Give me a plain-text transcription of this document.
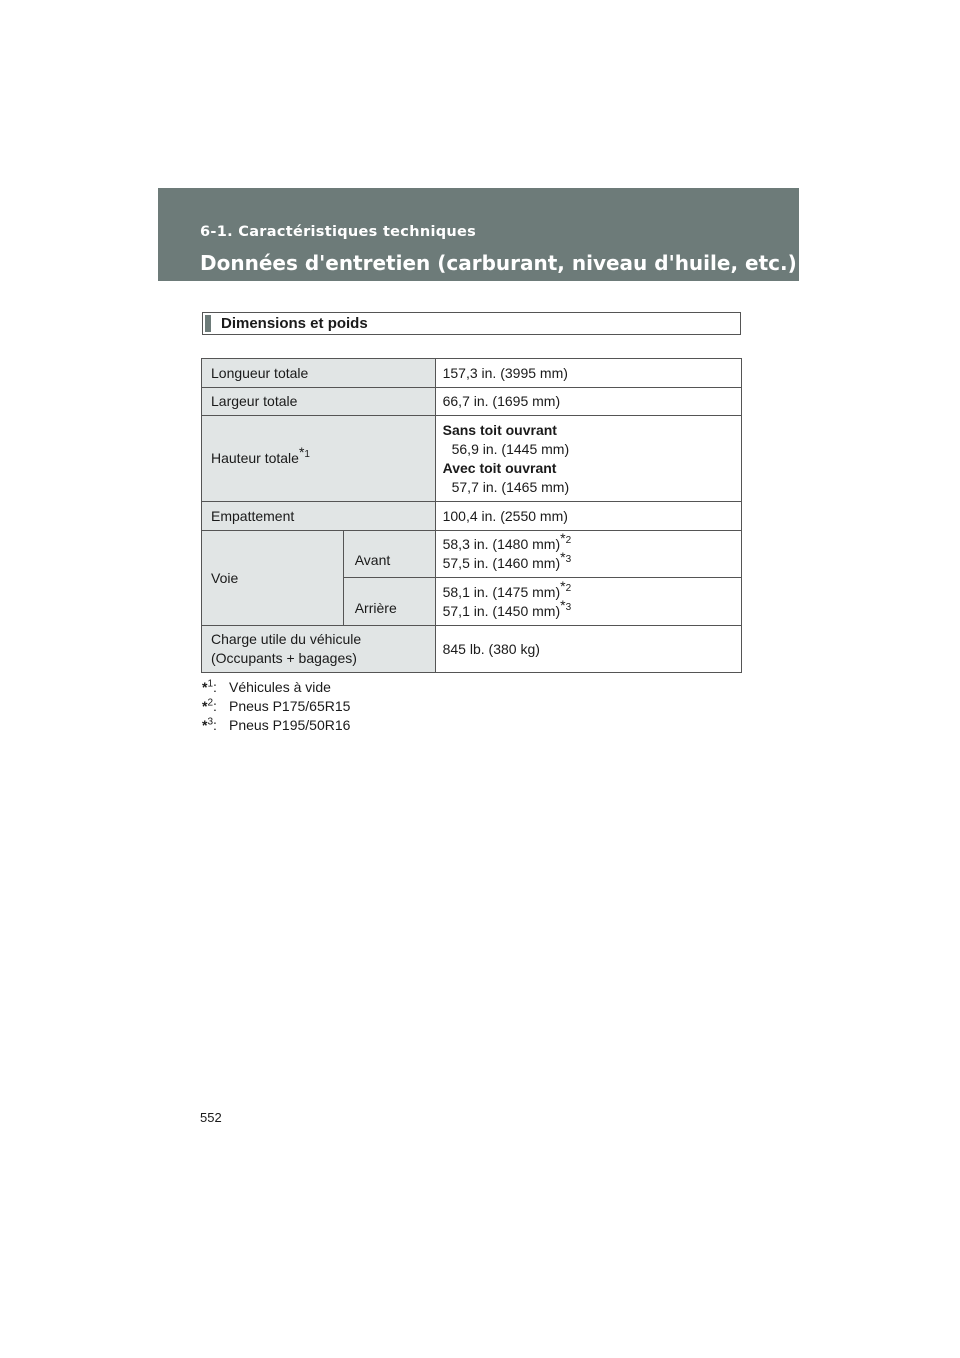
6-1. Caractéristiques techniques
Données d'entretien (carburant, niveau d'huile, etc.)
Dimensions et poids
Longueur totale		157,3 in. (3995 mm)
Largeur totale		66,7 in. (1695 mm)
Hauteur totale$^{*1}$		Sans toit ouvrant
56,9 in. (1445 mm)
Avec toit ouvrant
57,7 in. (1465 mm)

Empattement		100,4 in. (2550 mm)
Voie	Avant	58,3 in. (1480 mm)$^{*2}$
57,5 in. (1460 mm)$^{*3}$

	Arrière	58,1 in. (1475 mm)$^{*2}$
57,1 in. (1450 mm)$^{*3}$

Charge utile du véhicule
(Occupants + bagages)		845 lb. (380 kg)
*$^1$: Véhicules à vide
*$^2$: Pneus P175/65R15
*$^3$: Pneus P195/50R16
552
